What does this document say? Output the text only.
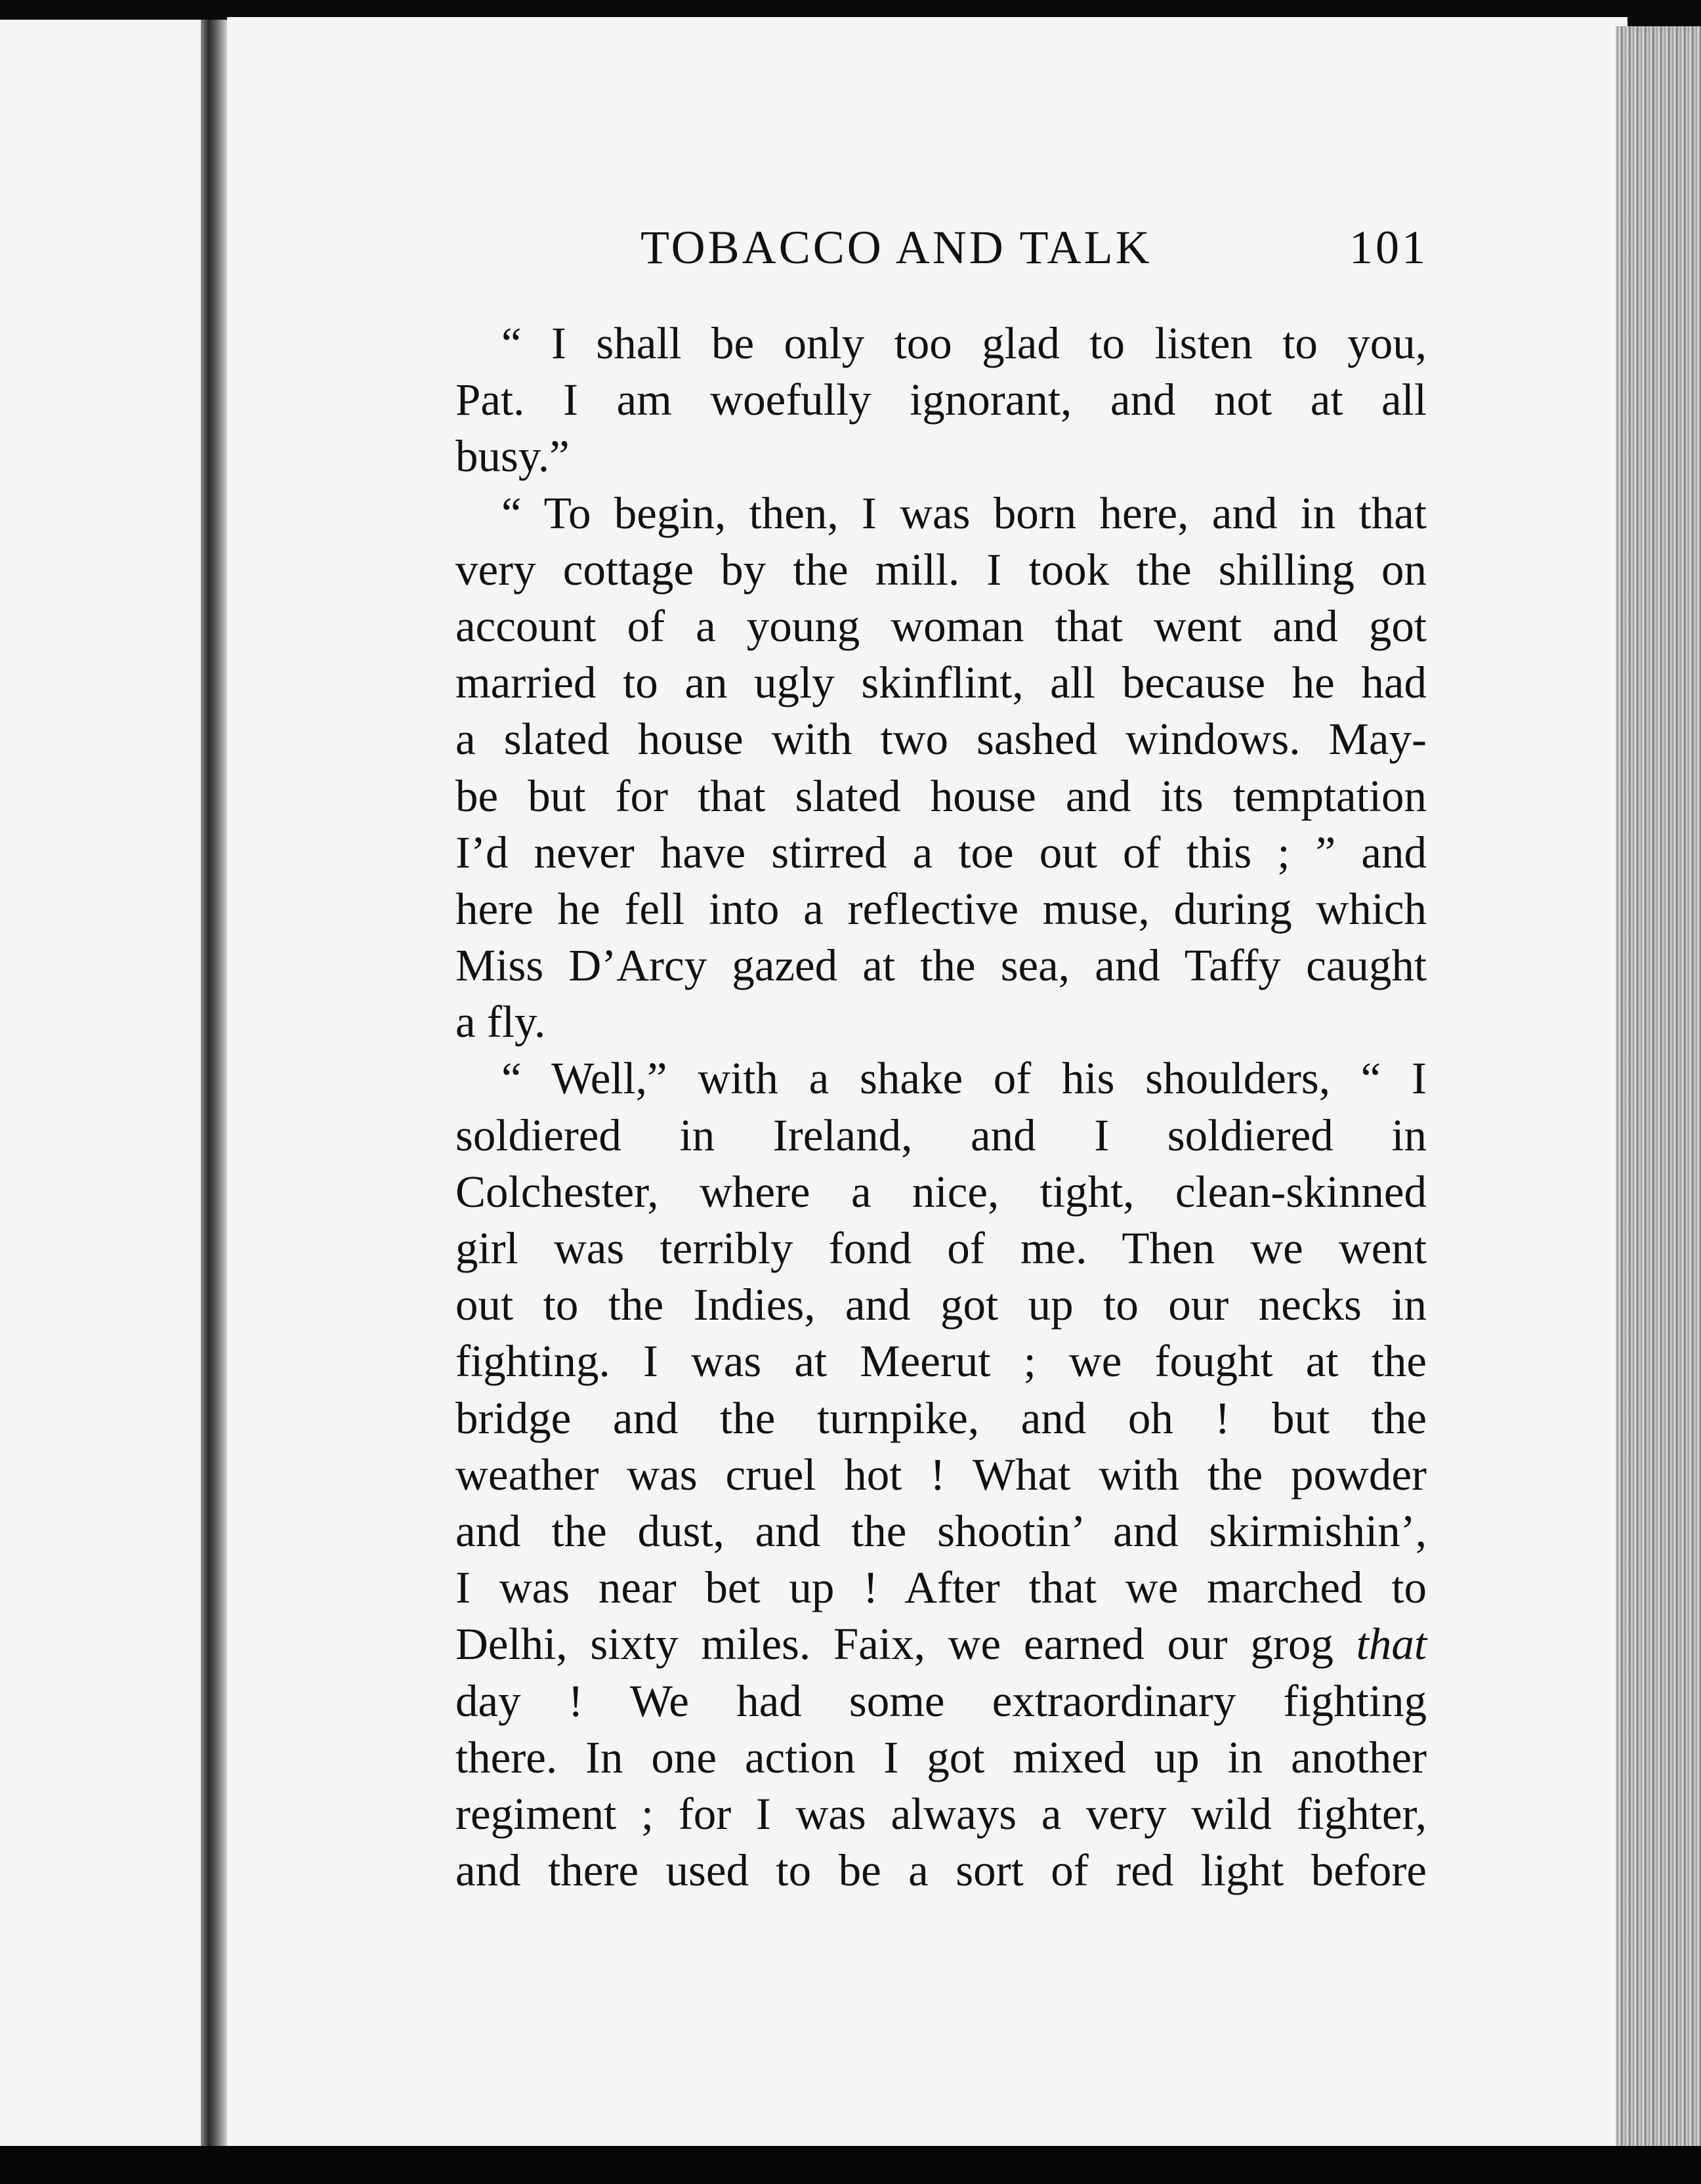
TOBACCO AND TALK	101
“ I shall be only too glad to listen to you,
Pat. I am woefully ignorant, and not at all
busy.”
“ To begin, then, I was born here, and in that
very cottage by the mill. I took the shilling on
account of a young woman that went and got
married to an ugly skinflint, all because he had
a slated house with two sashed windows. May-
be but for that slated house and its temptation
I’d never have stirred a toe out of this ; ” and
here he fell into a reflective muse, during which
Miss D’Arcy gazed at the sea, and Taffy caught
a fly.
“ Well,” with a shake of his shoulders, “ I
soldiered in Ireland, and I soldiered in
Colchester, where a nice, tight, clean-skinned
girl was terribly fond of me. Then we went
out to the Indies, and got up to our necks in
fighting. I was at Meerut ; we fought at the
bridge and the turnpike, and oh ! but the
weather was cruel hot ! What with the powder
and the dust, and the shootin’ and skirmishin’,
I was near bet up ! After that we marched to
Delhi, sixty miles. Faix, we earned our grog that
day ! We had some extraordinary fighting
there. In one action I got mixed up in another
regiment ; for I was always a very wild fighter,
and there used to be a sort of red light before
